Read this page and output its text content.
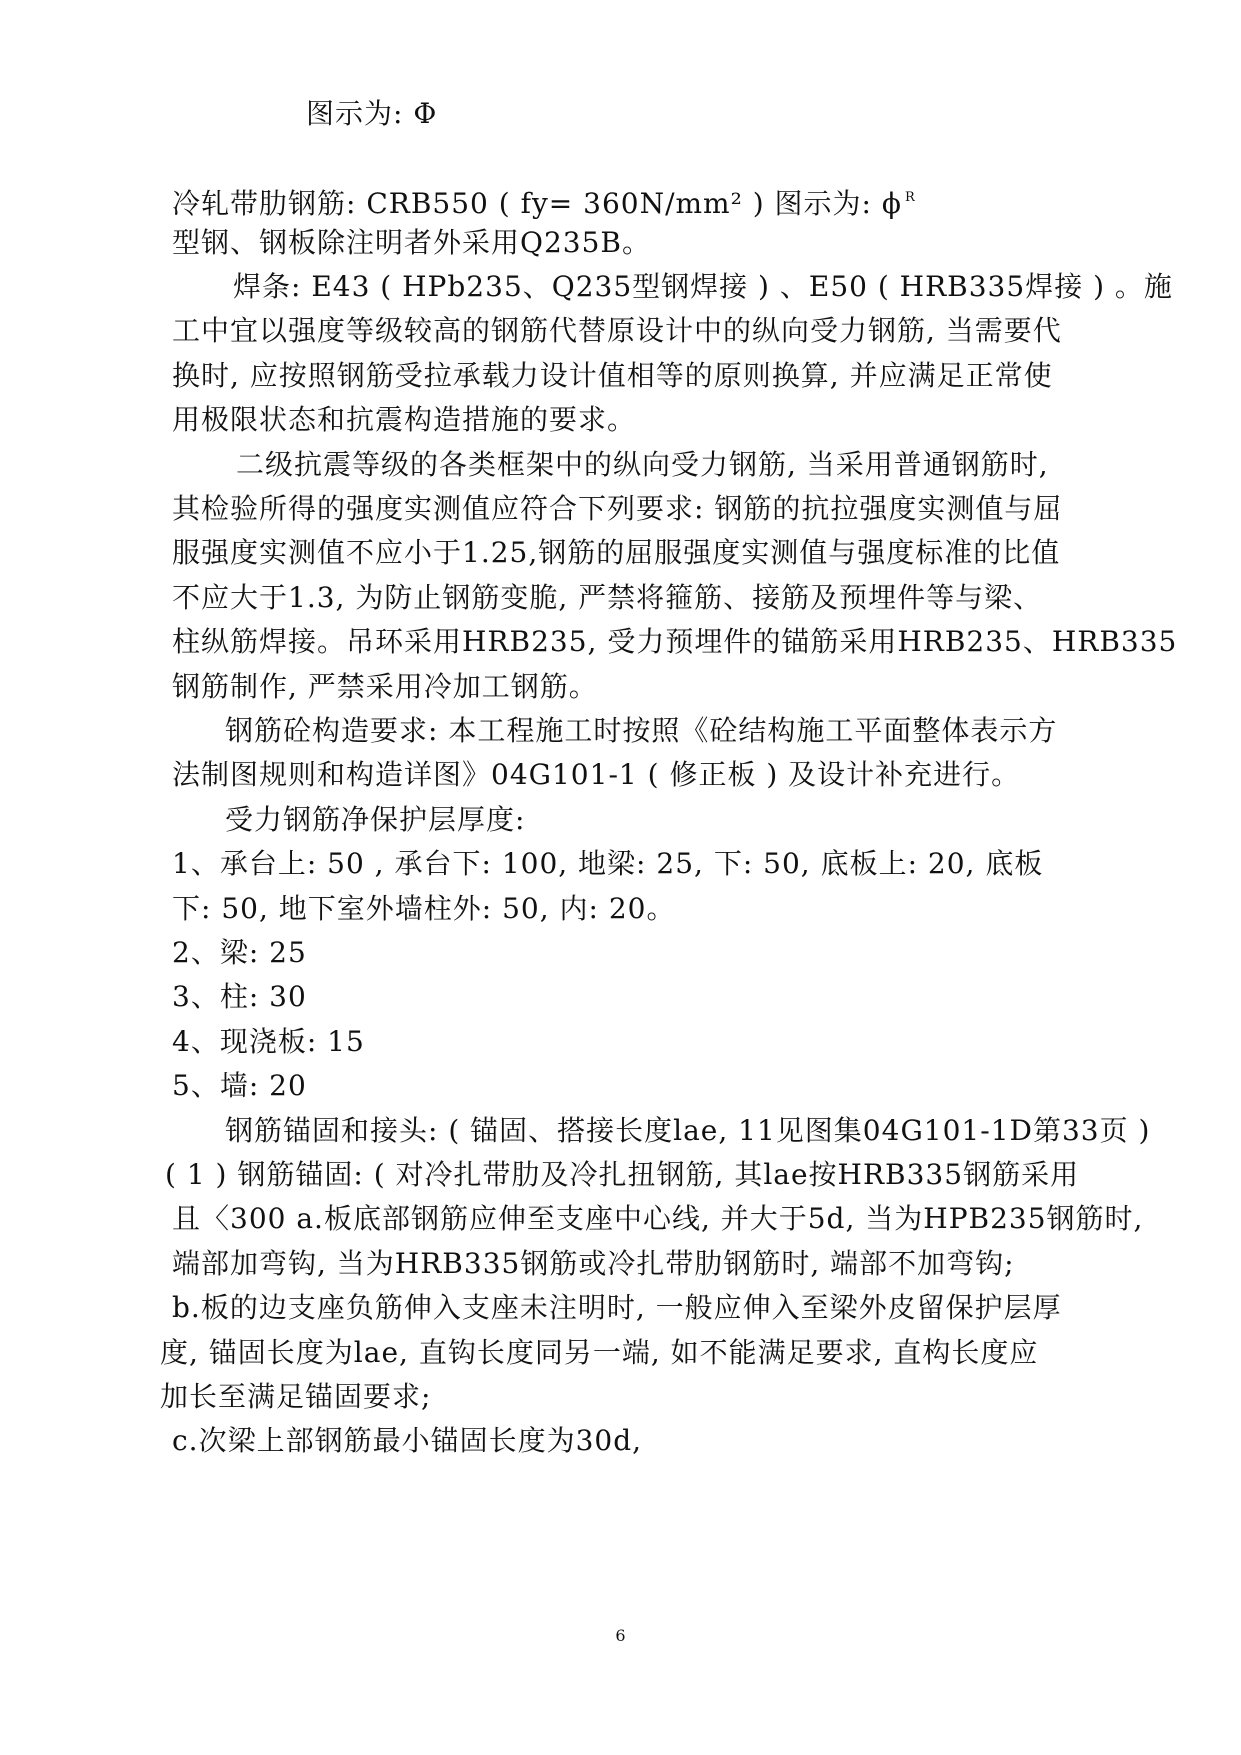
图示为: Φ
冷轧带肋钢筋: CRB550 ( fy= 360N/mm² ) 图示为: ϕ $^R$
型钢、钢板除注明者外采用Q235B。
焊条: E43 ( HPb235、Q235型钢焊接 ) 、E50 ( HRB335焊接 ) 。施
工中宜以强度等级较高的钢筋代替原设计中的纵向受力钢筋, 当需要代
换时, 应按照钢筋受拉承载力设计值相等的原则换算, 并应满足正常使
用极限状态和抗震构造措施的要求。
二级抗震等级的各类框架中的纵向受力钢筋, 当采用普通钢筋时,
其检验所得的强度实测值应符合下列要求: 钢筋的抗拉强度实测值与屈
服强度实测值不应小于1.25,钢筋的屈服强度实测值与强度标准的比值
不应大于1.3, 为防止钢筋变脆, 严禁将箍筋、接筋及预埋件等与梁、
柱纵筋焊接。吊环采用HRB235, 受力预埋件的锚筋采用HRB235、HRB335
钢筋制作, 严禁采用冷加工钢筋。
钢筋砼构造要求: 本工程施工时按照《砼结构施工平面整体表示方
法制图规则和构造详图》04G101-1 ( 修正板 ) 及设计补充进行。
受力钢筋净保护层厚度:
1、承台上: 50 , 承台下: 100, 地梁: 25, 下: 50, 底板上: 20, 底板
下: 50, 地下室外墙柱外: 50, 内: 20。
2、梁: 25
3、柱: 30
4、现浇板: 15
5、墙: 20
钢筋锚固和接头: ( 锚固、搭接长度lae, 11见图集04G101-1D第33页 )
( 1 ) 钢筋锚固: ( 对冷扎带肋及冷扎扭钢筋, 其lae按HRB335钢筋采用
且〈300 a.板底部钢筋应伸至支座中心线, 并大于5d, 当为HPB235钢筋时,
端部加弯钩, 当为HRB335钢筋或冷扎带肋钢筋时, 端部不加弯钩;
b.板的边支座负筋伸入支座未注明时, 一般应伸入至梁外皮留保护层厚
度, 锚固长度为lae, 直钩长度同另一端, 如不能满足要求, 直构长度应
加长至满足锚固要求;
c.次梁上部钢筋最小锚固长度为30d,
6
